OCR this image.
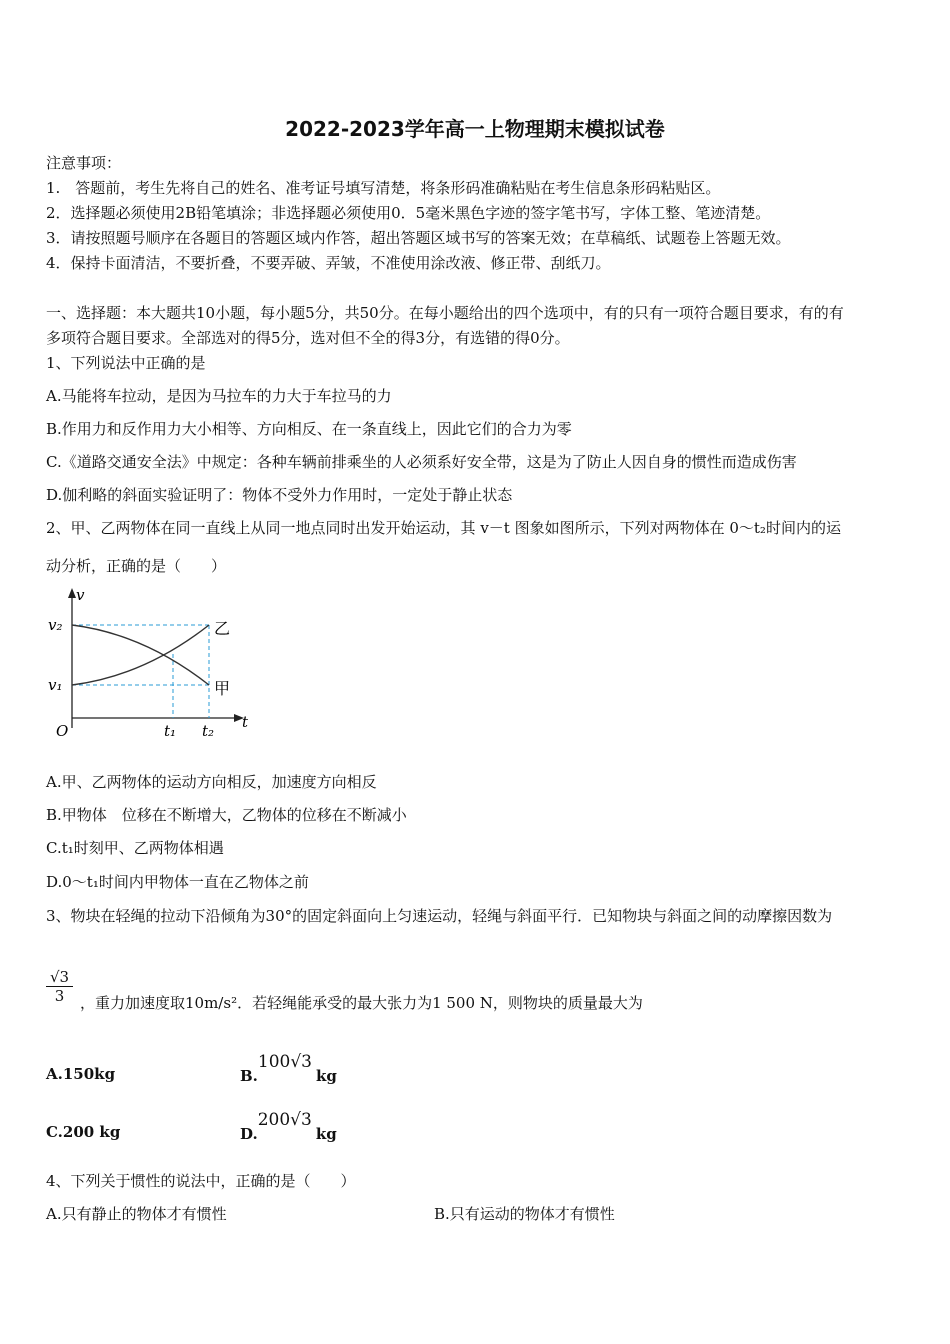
2022-2023学年高一上物理期末模拟试卷
注意事项：
1.　答题前，考生先将自己的姓名、准考证号填写清楚，将条形码准确粘贴在考生信息条形码粘贴区。
2．选择题必须使用2B铅笔填涂；非选择题必须使用0．5毫米黑色字迹的签字笔书写，字体工整、笔迹清楚。
3．请按照题号顺序在各题目的答题区域内作答，超出答题区域书写的答案无效；在草稿纸、试题卷上答题无效。
4．保持卡面清洁，不要折叠，不要弄破、弄皱，不准使用涂改液、修正带、刮纸刀。
一、选择题：本大题共10小题，每小题5分，共50分。在每小题给出的四个选项中，有的只有一项符合题目要求，有的有
多项符合题目要求。全部选对的得5分，选对但不全的得3分，有选错的得0分。
1、下列说法中正确的是
A.马能将车拉动，是因为马拉车的力大于车拉马的力
B.作用力和反作用力大小相等、方向相反、在一条直线上，因此它们的合力为零
C.《道路交通安全法》中规定：各种车辆前排乘坐的人必须系好安全带，这是为了防止人因自身的惯性而造成伤害
D.伽利略的斜面实验证明了：物体不受外力作用时，一定处于静止状态
2、甲、乙两物体在同一直线上从同一地点同时出发开始运动，其 v－t 图象如图所示，下列对两物体在 0～t₂时间内的运
动分析，正确的是（　　）
v
t
O
v₂
v₁
t₁ t₂
乙
甲
A.甲、乙两物体的运动方向相反，加速度方向相反
B.甲物体　位移在不断增大，乙物体的位移在不断减小
C.t₁时刻甲、乙两物体相遇
D.0～t₁时间内甲物体一直在乙物体之前
3、物块在轻绳的拉动下沿倾角为30°的固定斜面向上匀速运动，轻绳与斜面平行．已知物块与斜面之间的动摩擦因数为
$\frac{√3}{3}$ ，重力加速度取10m/s²．若轻绳能承受的最大张力为1 500 N，则物块的质量最大为
A.150kg	B.100√3kg
C.200 kg	D.200√3kg
4、下列关于惯性的说法中，正确的是（　　）
A.只有静止的物体才有惯性	B.只有运动的物体才有惯性
